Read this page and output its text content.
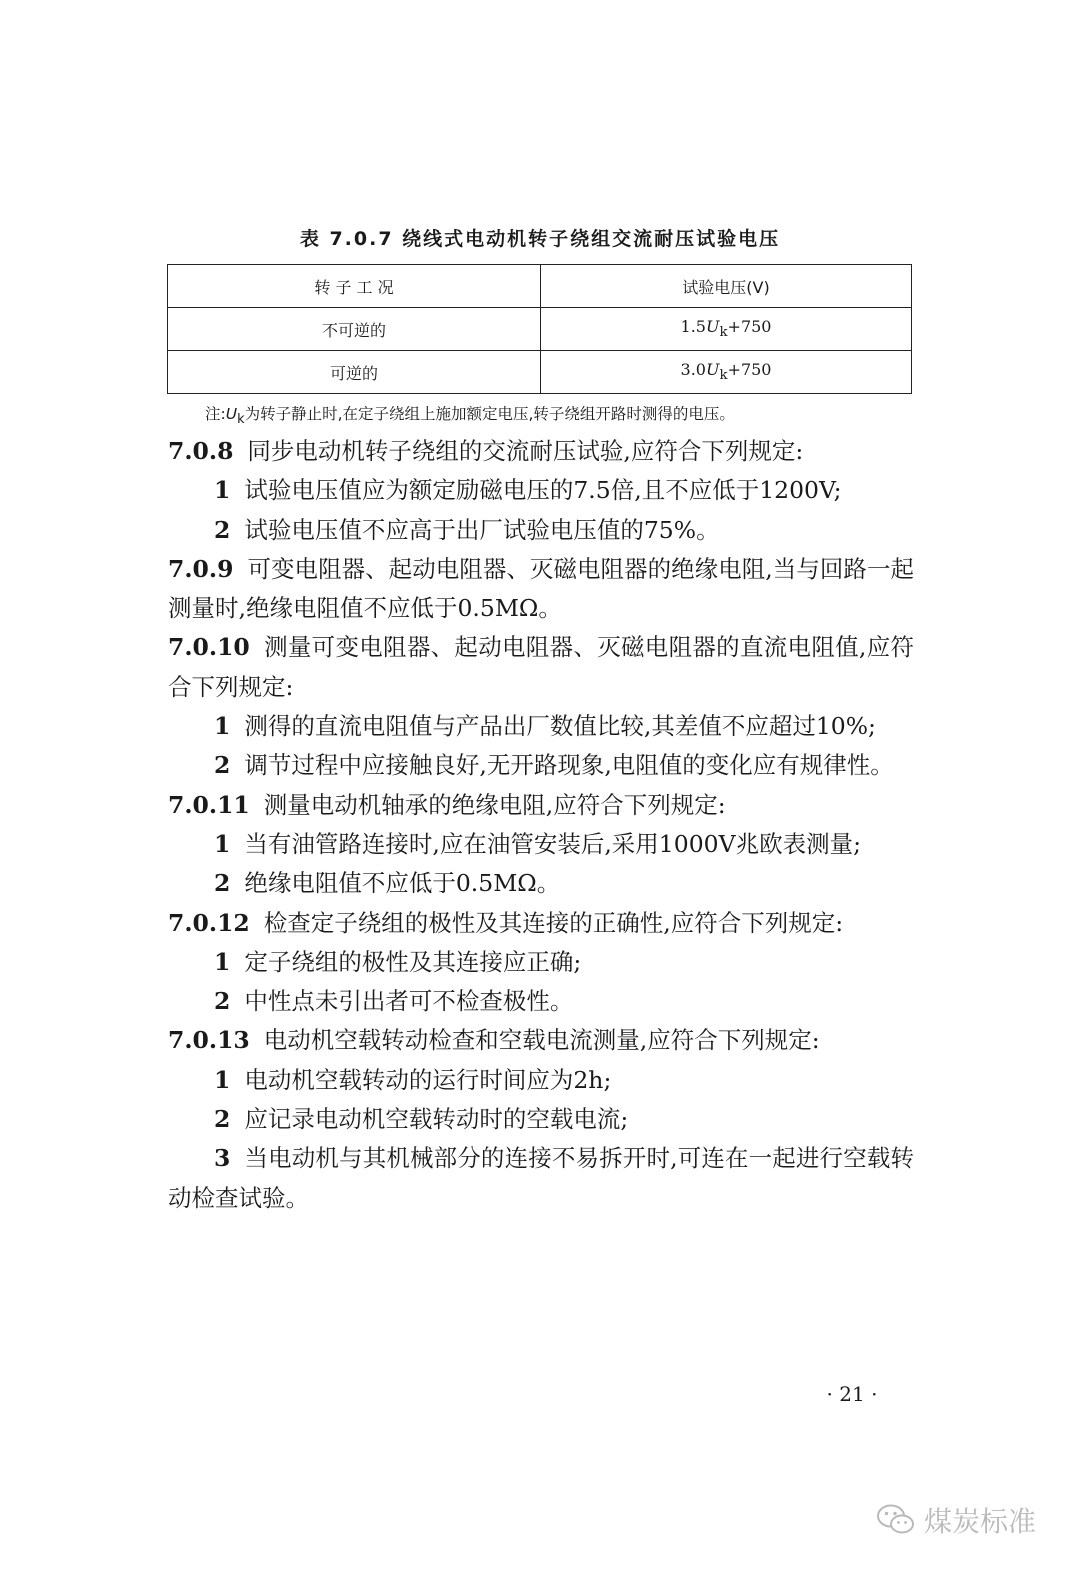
表 7.0.7 绕线式电动机转子绕组交流耐压试验电压
转 子 工 况	试验电压(V)
不可逆的	$1.5U_k+750$
可逆的	$3.0U_k+750$
注$:U_k$为转子静止时,在定子绕组上施加额定电压,转子绕组开路时测得的电压。

7.0.8 同步电动机转子绕组的交流耐压试验,应符合下列规定:

1 试验电压值应为额定励磁电压的7.5倍,且不应低于1200V;

2 试验电压值不应高于出厂试验电压值的75%。

7.0.9 可变电阻器、起动电阻器、灭磁电阻器的绝缘电阻,当与回路一起测量时,绝缘电阻值不应低于0.5MΩ。

7.0.10 测量可变电阻器、起动电阻器、灭磁电阻器的直流电阻值,应符合下列规定:

1 测得的直流电阻值与产品出厂数值比较,其差值不应超过10%;

2 调节过程中应接触良好,无开路现象,电阻值的变化应有规律性。

7.0.11 测量电动机轴承的绝缘电阻,应符合下列规定:

1 当有油管路连接时,应在油管安装后,采用1000V兆欧表测量;

2 绝缘电阻值不应低于0.5MΩ。

7.0.12 检查定子绕组的极性及其连接的正确性,应符合下列规定:

1 定子绕组的极性及其连接应正确;

2 中性点未引出者可不检查极性。

7.0.13 电动机空载转动检查和空载电流测量,应符合下列规定:

1 电动机空载转动的运行时间应为2h;

2 应记录电动机空载转动时的空载电流;

3 当电动机与其机械部分的连接不易拆开时,可连在一起进行空载转动检查试验。

· 21 ·
煤炭标准
